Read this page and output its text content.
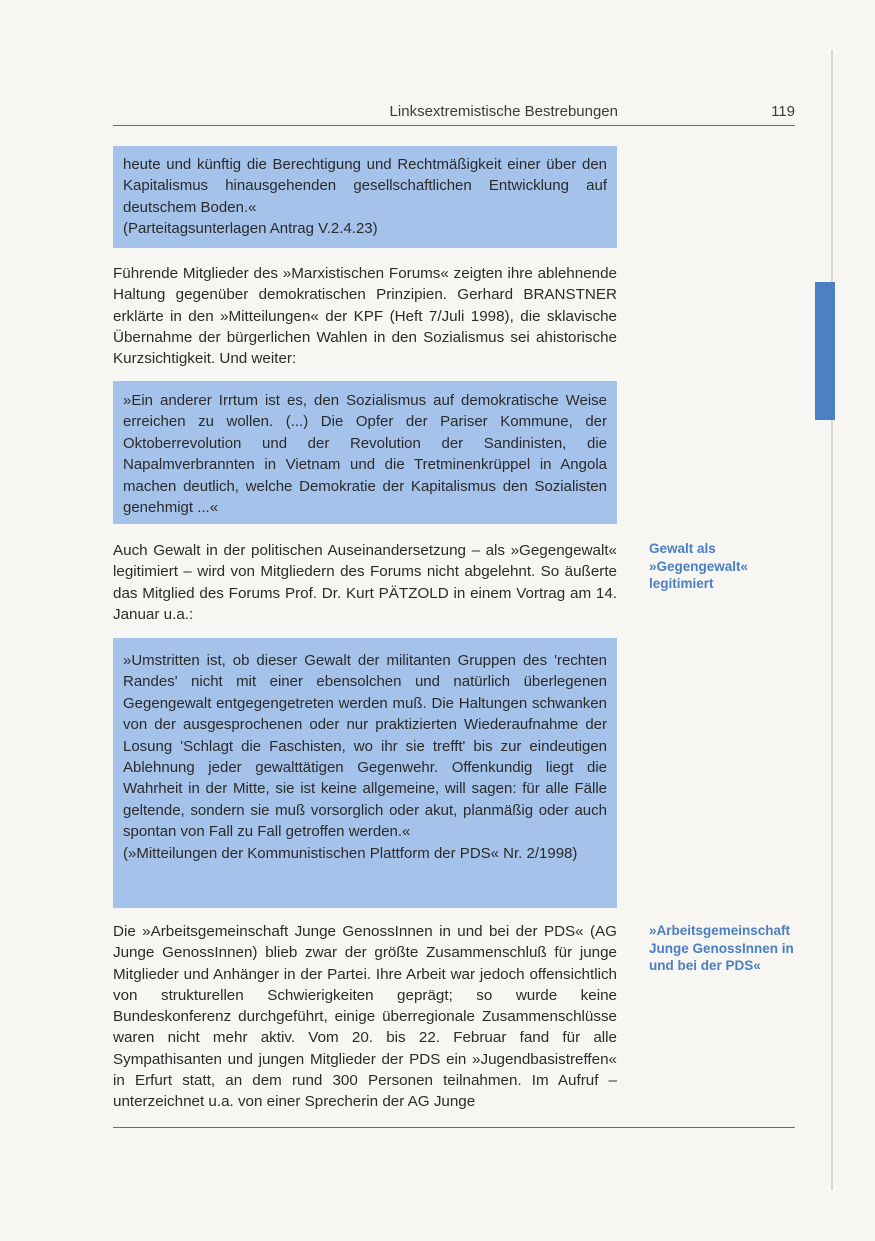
Linksextremistische Bestrebungen	119

heute und künftig die Berechtigung und Rechtmäßigkeit einer über den Kapitalismus hinausgehenden gesellschaftlichen Entwicklung auf deutschem Boden.«

(Parteitagsunterlagen Antrag V.2.4.23)

Führende Mitglieder des »Marxistischen Forums« zeigten ihre ablehnende Haltung gegenüber demokratischen Prinzipien. Gerhard BRANSTNER erklärte in den »Mitteilungen« der KPF (Heft 7/Juli 1998), die sklavische Übernahme der bürgerlichen Wahlen in den Sozialismus sei ahistorische Kurzsichtigkeit. Und weiter:

»Ein anderer Irrtum ist es, den Sozialismus auf demokratische Weise erreichen zu wollen. (...) Die Opfer der Pariser Kommune, der Oktoberrevolution und der Revolution der Sandinisten, die Napalmverbrannten in Vietnam und die Tretminenkrüppel in Angola machen deutlich, welche Demokratie der Kapitalismus den Sozialisten genehmigt ...«

Auch Gewalt in der politischen Auseinandersetzung – als »Gegengewalt« legitimiert – wird von Mitgliedern des Forums nicht abgelehnt. So äußerte das Mitglied des Forums Prof. Dr. Kurt PÄTZOLD in einem Vortrag am 14. Januar u.a.:

Gewalt als »Gegengewalt« legitimiert

»Umstritten ist, ob dieser Gewalt der militanten Gruppen des 'rechten Randes' nicht mit einer ebensolchen und natürlich überlegenen Gegengewalt entgegengetreten werden muß. Die Haltungen schwanken von der ausgesprochenen oder nur praktizierten Wiederaufnahme der Losung 'Schlagt die Faschisten, wo ihr sie trefft' bis zur eindeutigen Ablehnung jeder gewalttätigen Gegenwehr. Offenkundig liegt die Wahrheit in der Mitte, sie ist keine allgemeine, will sagen: für alle Fälle geltende, sondern sie muß vorsorglich oder akut, planmäßig oder auch spontan von Fall zu Fall getroffen werden.«

(»Mitteilungen der Kommunistischen Plattform der PDS« Nr. 2/1998)

Die »Arbeitsgemeinschaft Junge GenossInnen in und bei der PDS« (AG Junge GenossInnen) blieb zwar der größte Zusammenschluß für junge Mitglieder und Anhänger in der Partei. Ihre Arbeit war jedoch offensichtlich von strukturellen Schwierigkeiten geprägt; so wurde keine Bundeskonferenz durchgeführt, einige überregionale Zusammenschlüsse waren nicht mehr aktiv. Vom 20. bis 22. Februar fand für alle Sympathisanten und jungen Mitglieder der PDS ein »Jugendbasistreffen« in Erfurt statt, an dem rund 300 Personen teilnahmen. Im Aufruf – unterzeichnet u.a. von einer Sprecherin der AG Junge

»Arbeitsgemeinschaft Junge GenossInnen in und bei der PDS«
